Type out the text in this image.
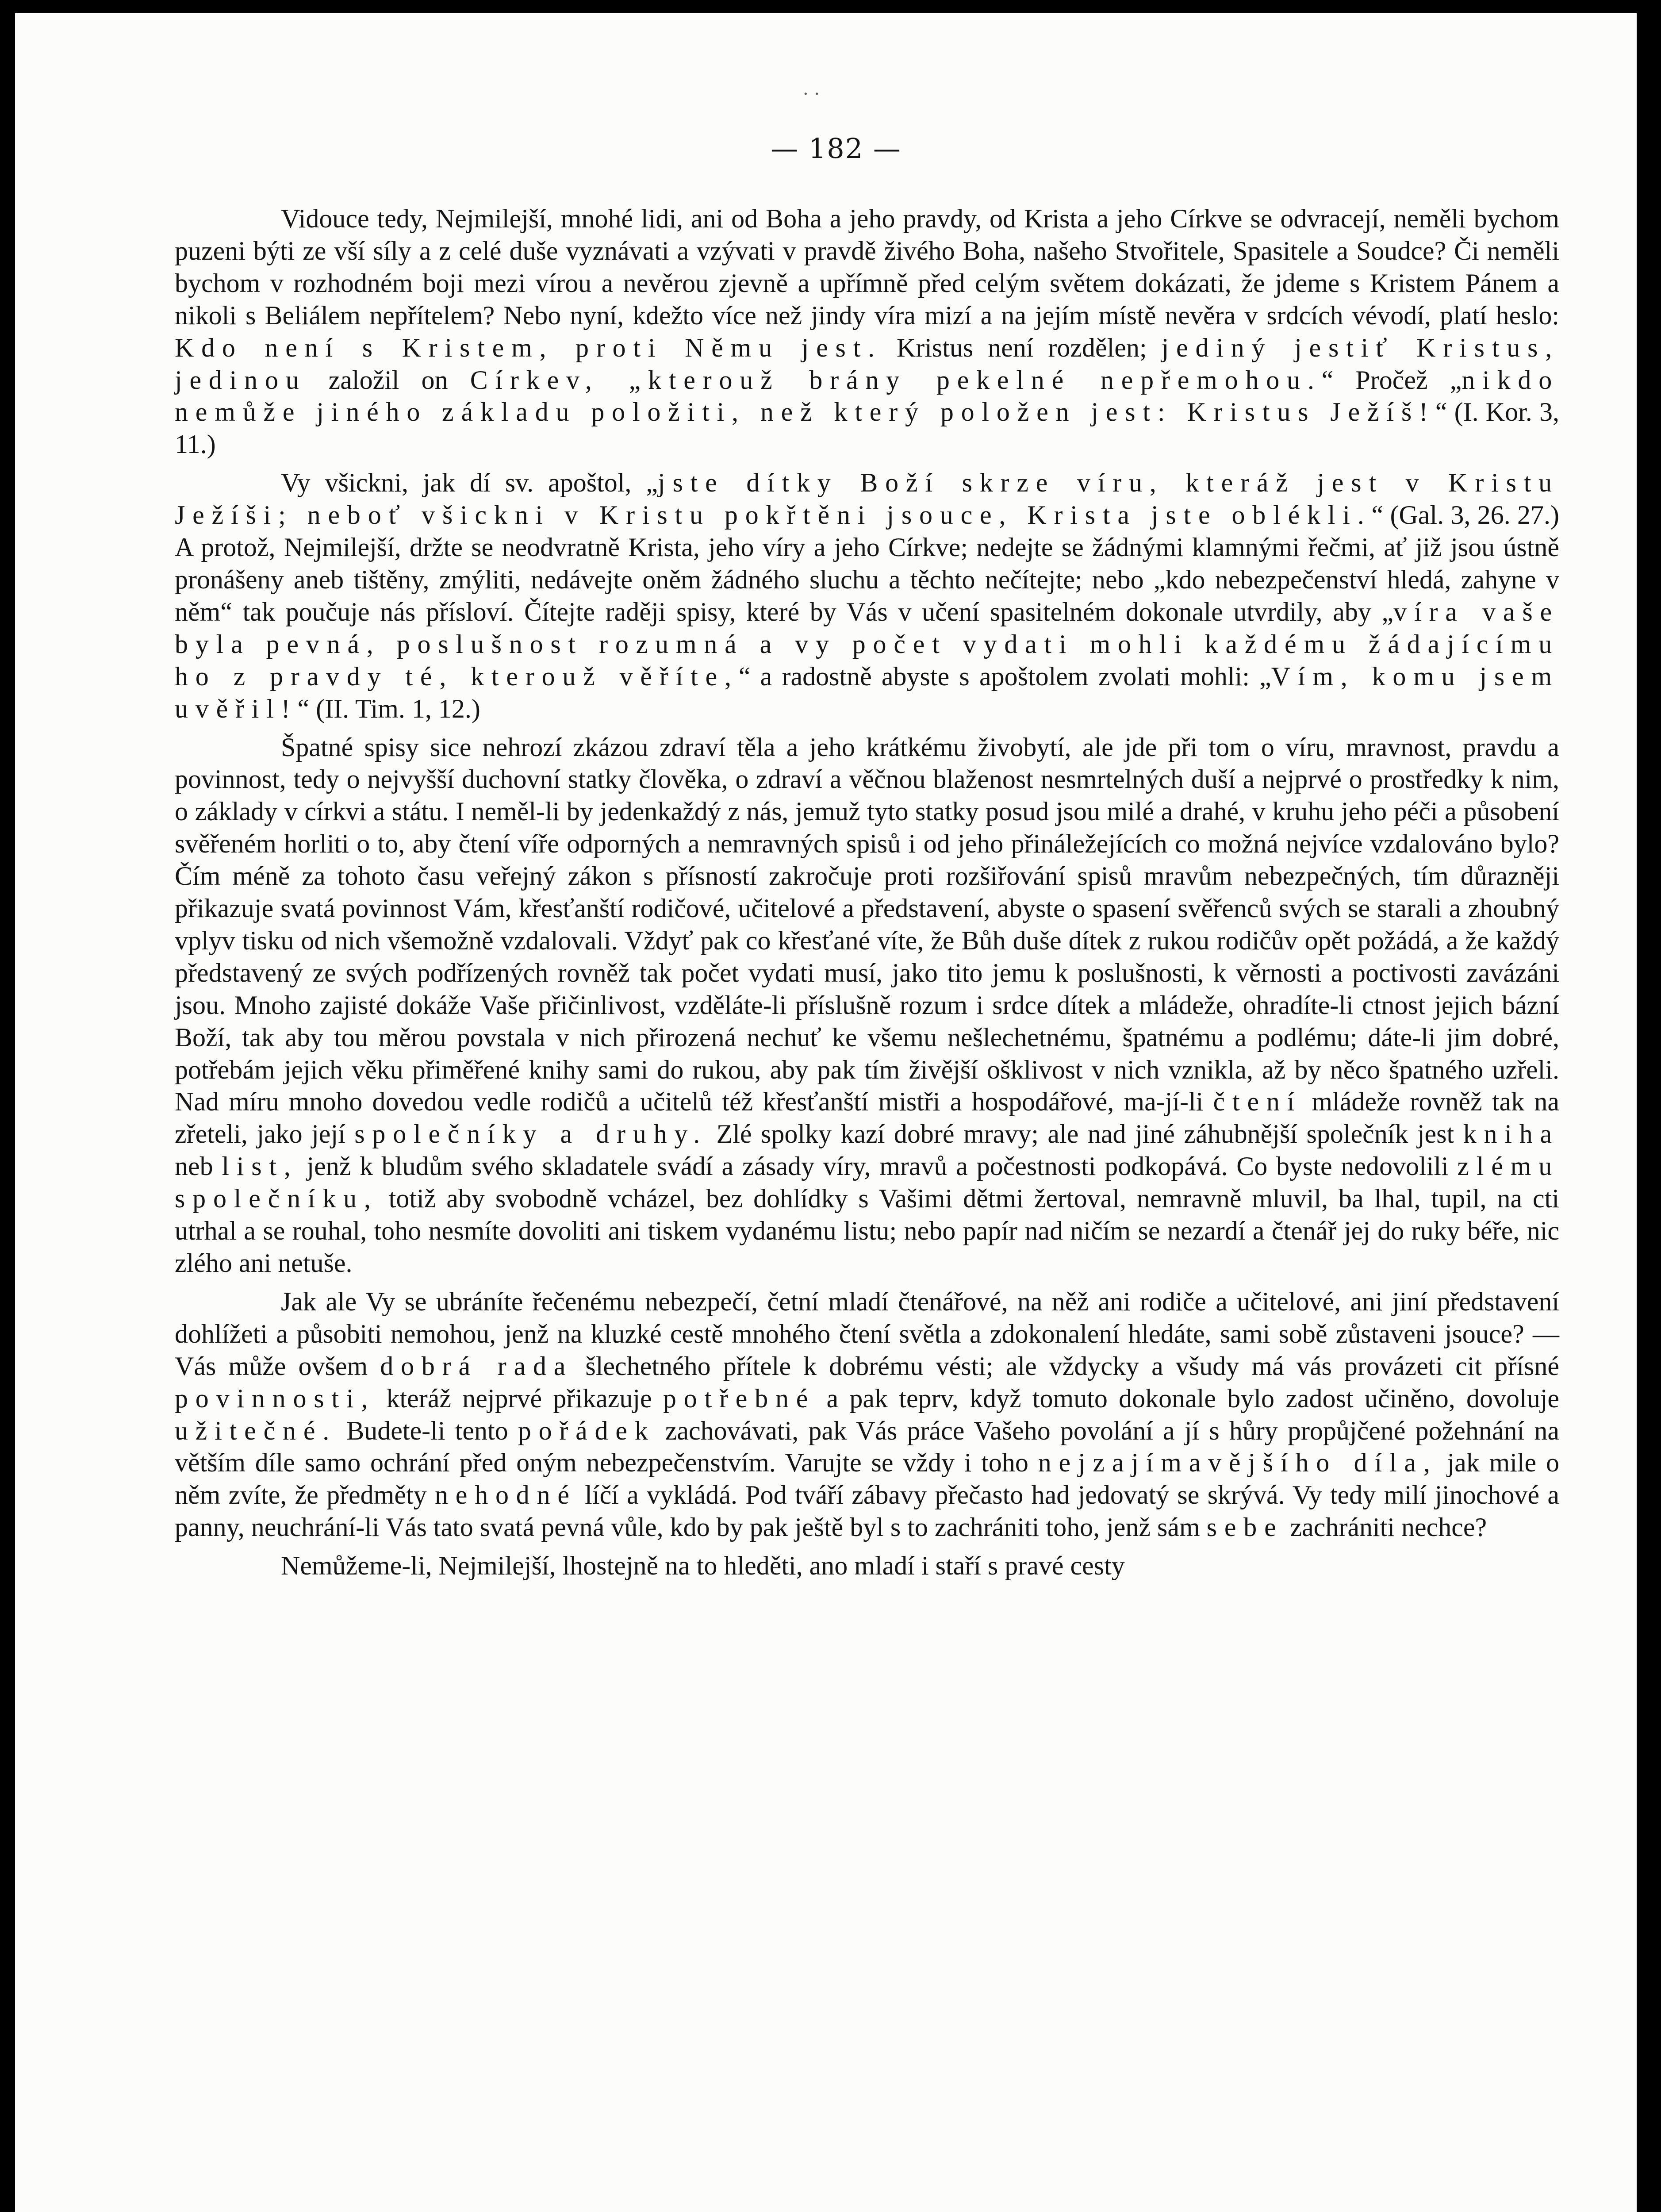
· ·
— 182 —

Vidouce tedy, Nejmilejší, mnohé lidi, ani od Boha a jeho pravdy, od Krista a jeho Církve se odvracejí, neměli bychom puzeni býti ze vší síly a z celé duše vyznávati a vzývati v pravdě živého Boha, našeho Stvořitele, Spasitele a Soudce? Či neměli bychom v rozhodném boji mezi vírou a nevěrou zjevně a upřímně před celým světem dokázati, že jdeme s Kristem Pánem a nikoli s Beliálem nepřítelem? Nebo nyní, kdežto více než jindy víra mizí a na jejím místě nevěra v srdcích vévodí, platí heslo: Kdo není s Kristem, proti Němu jest. Kristus není rozdělen; jediný jestiť Kristus, jedinou založil on Církev, „kterouž brány pekelné nepřemohou.“ Pročež „nikdo nemůže jiného základu položiti, než který položen jest: Kristus Ježíš!“ (I. Kor. 3, 11.)

Vy všickni, jak dí sv. apoštol, „jste dítky Boží skrze víru, kteráž jest v Kristu Ježíši; neboť všickni v Kristu pokřtěni jsouce, Krista jste oblékli.“ (Gal. 3, 26. 27.) A protož, Nejmilejší, držte se neodvratně Krista, jeho víry a jeho Církve; nedejte se žádnými klamnými řečmi, ať již jsou ústně pronášeny aneb tištěny, zmýliti, nedávejte oněm žádného sluchu a těchto nečítejte; nebo „kdo nebezpečenství hledá, zahyne v něm“ tak poučuje nás přísloví. Čítejte raději spisy, které by Vás v učení spasitelném dokonale utvrdily, aby „víra vaše byla pevná, poslušnost rozumná a vy počet vydati mohli každému žádajícímu ho z pravdy té, kterouž věříte,“ a radostně abyste s apoštolem zvolati mohli: „Vím, komu jsem uvěřil!“ (II. Tim. 1, 12.)

Špatné spisy sice nehrozí zkázou zdraví těla a jeho krátkému živobytí, ale jde při tom o víru, mravnost, pravdu a povinnost, tedy o nejvyšší duchovní statky člověka, o zdraví a věčnou blaženost nesmrtelných duší a nejprvé o prostředky k nim, o základy v církvi a státu. I neměl-li by jedenkaždý z nás, jemuž tyto statky posud jsou milé a drahé, v kruhu jeho péči a působení svěřeném horliti o to, aby čtení víře odporných a nemravných spisů i od jeho přináležejících co možná nejvíce vzdalováno bylo? Čím méně za tohoto času veřejný zákon s přísností zakročuje proti rozšiřování spisů mravům nebezpečných, tím důrazněji přikazuje svatá povinnost Vám, křesťanští rodičové, učitelové a představení, abyste o spasení svěřenců svých se starali a zhoubný vplyv tisku od nich všemožně vzdalovali. Vždyť pak co křesťané víte, že Bůh duše dítek z rukou rodičův opět požádá, a že každý představený ze svých podřízených rovněž tak počet vydati musí, jako tito jemu k poslušnosti, k věrnosti a poctivosti zavázáni jsou. Mnoho zajisté dokáže Vaše přičinlivost, vzděláte-li příslušně rozum i srdce dítek a mládeže, ohradíte-li ctnost jejich bázní Boží, tak aby tou měrou povstala v nich přirozená nechuť ke všemu nešlechetnému, špatnému a podlému; dáte-li jim dobré, potřebám jejich věku přiměřené knihy sami do rukou, aby pak tím živější ošklivost v nich vznikla, až by něco špatného uzřeli. Nad míru mnoho dovedou vedle rodičů a učitelů též křesťanští mistři a hospodářové, ma-jí-li čtení mládeže rovněž tak na zřeteli, jako její společníky a druhy. Zlé spolky kazí dobré mravy; ale nad jiné záhubnější společník jest kniha neb list, jenž k bludům svého skladatele svádí a zásady víry, mravů a počestnosti podkopává. Co byste nedovolili zlému společníku, totiž aby svobodně vcházel, bez dohlídky s Vašimi dětmi žertoval, nemravně mluvil, ba lhal, tupil, na cti utrhal a se rouhal, toho nesmíte dovoliti ani tiskem vydanému listu; nebo papír nad ničím se nezardí a čtenář jej do ruky béře, nic zlého ani netuše.

Jak ale Vy se ubráníte řečenému nebezpečí, četní mladí čtenářové, na něž ani rodiče a učitelové, ani jiní představení dohlížeti a působiti nemohou, jenž na kluzké cestě mnohého čtení světla a zdokonalení hledáte, sami sobě zůstaveni jsouce? — Vás může ovšem dobrá rada šlechetného přítele k dobrému vésti; ale vždycky a všudy má vás provázeti cit přísné povinnosti, kteráž nejprvé přikazuje potřebné a pak teprv, když tomuto dokonale bylo zadost učiněno, dovoluje užitečné. Budete-li tento pořádek zachovávati, pak Vás práce Vašeho povolání a jí s hůry propůjčené požehnání na větším díle samo ochrání před oným nebezpečenstvím. Varujte se vždy i toho nejzajímavějšího díla, jak mile o něm zvíte, že předměty nehodné líčí a vykládá. Pod tváří zábavy přečasto had jedovatý se skrývá. Vy tedy milí jinochové a panny, neuchrání-li Vás tato svatá pevná vůle, kdo by pak ještě byl s to zachrániti toho, jenž sám sebe zachrániti nechce?

Nemůžeme-li, Nejmilejší, lhostejně na to hleděti, ano mladí i staří s pravé cesty
